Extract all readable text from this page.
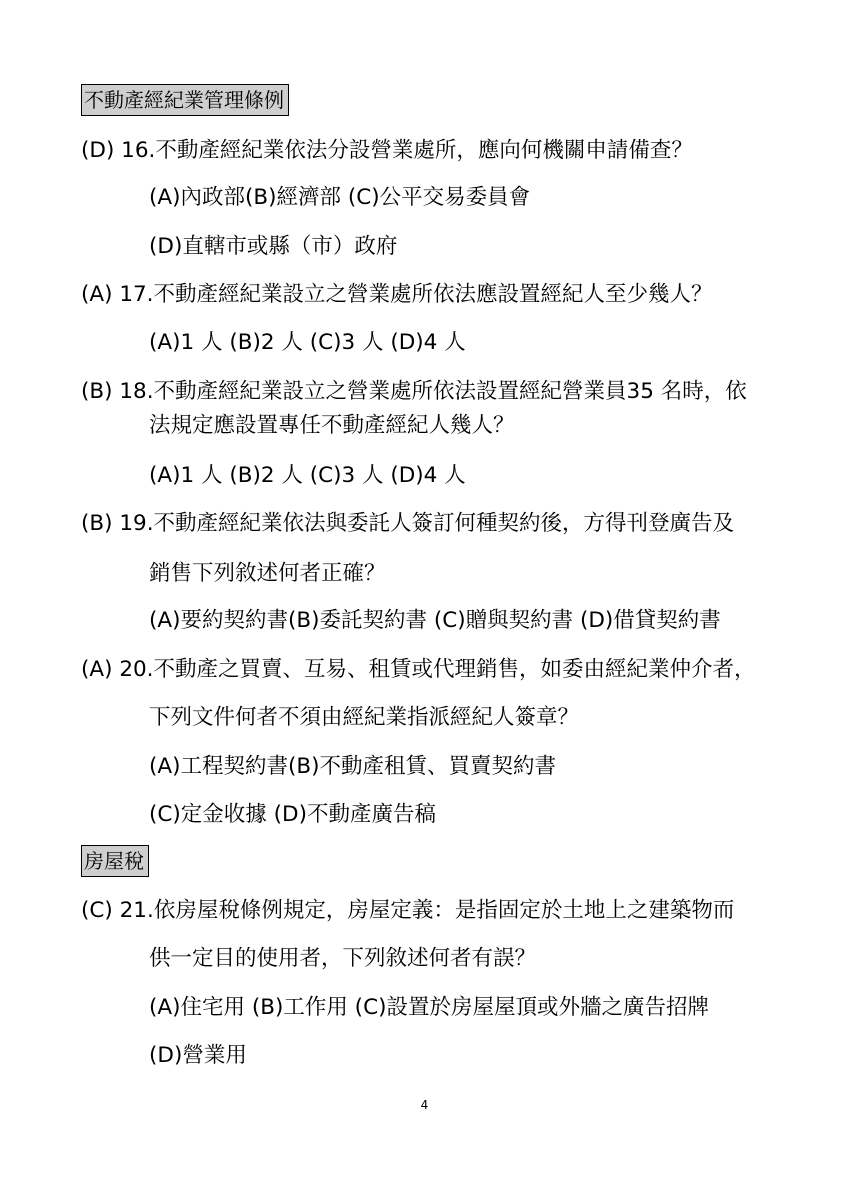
不動產經紀業管理條例
(D) 16.不動產經紀業依法分設營業處所，應向何機關申請備查？
(A)內政部(B)經濟部 (C)公平交易委員會
(D)直轄市或縣（市）政府
(A) 17.不動產經紀業設立之營業處所依法應設置經紀人至少幾人？
(A)1 人 (B)2 人 (C)3 人 (D)4 人
(B) 18.不動產經紀業設立之營業處所依法設置經紀營業員35 名時，依
法規定應設置專任不動產經紀人幾人？
(A)1 人 (B)2 人 (C)3 人 (D)4 人
(B) 19.不動產經紀業依法與委託人簽訂何種契約後，方得刊登廣告及
銷售下列敘述何者正確？
(A)要約契約書(B)委託契約書 (C)贈與契約書 (D)借貸契約書
(A) 20.不動產之買賣、互易、租賃或代理銷售，如委由經紀業仲介者，
下列文件何者不須由經紀業指派經紀人簽章？
(A)工程契約書(B)不動產租賃、買賣契約書
(C)定金收據 (D)不動產廣告稿
房屋稅
(C) 21.依房屋稅條例規定，房屋定義：是指固定於土地上之建築物而
供一定目的使用者，下列敘述何者有誤？
(A)住宅用 (B)工作用 (C)設置於房屋屋頂或外牆之廣告招牌
(D)營業用
4
